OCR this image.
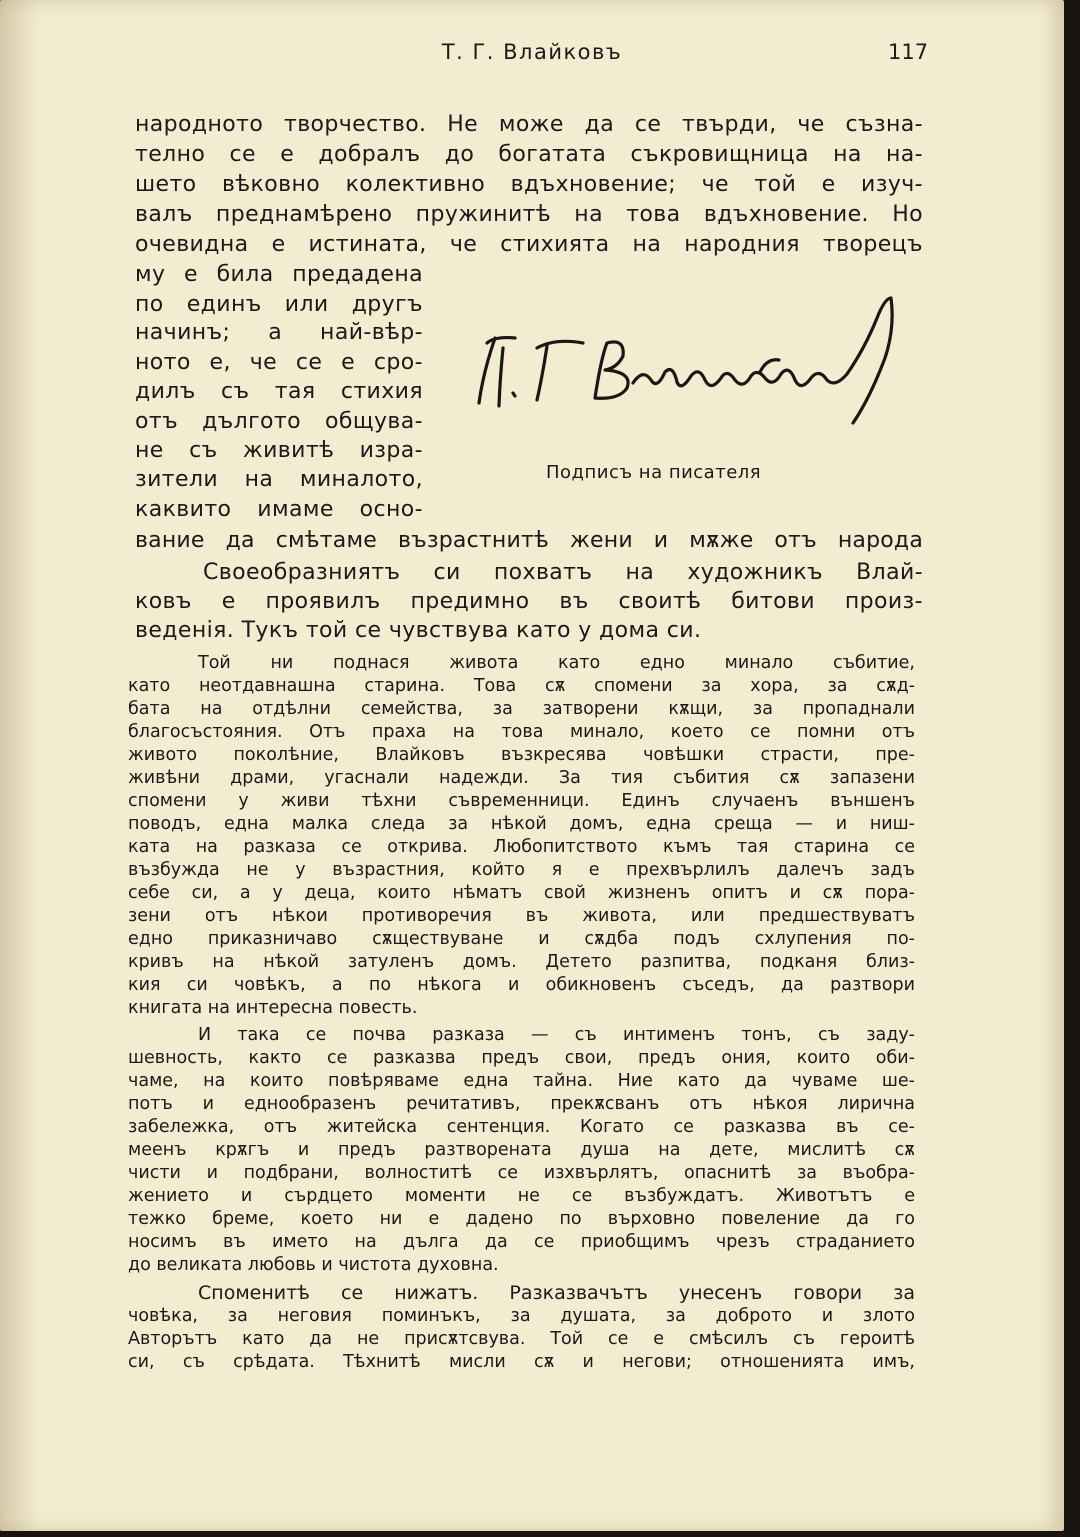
Т. Г. Влайковъ	117

народното творчество. Не може да се твърди, че съзна-

телно се е добралъ до богатата съкровищница на на-

шето вѣковно колективно вдъхновение; че той е изуч-

валъ преднамѣрено пружинитѣ на това вдъхновение. Но

очевидна е истината, че стихията на народния творецъ

му е била предадена

по единъ или другъ

начинъ; а най-вѣр-

ното е, че се е сро-

дилъ съ тая стихия

отъ дългото общува-

не съ живитѣ изра-

зители на миналото,

каквито имаме осно-

Подписъ на писателя

вание да смѣтаме възрастнитѣ жени и мѫже отъ народа

Своеобразниятъ си похватъ на художникъ Влай-

ковъ е проявилъ предимно въ своитѣ битови произ-

веденія. Тукъ той се чувствува като у дома си.

Той ни поднася живота като едно минало събитие,

като неотдавнашна старина. Това сѫ спомени за хора, за сѫд-

бата на отдѣлни семейства, за затворени кѫщи, за пропаднали

благосъстояния. Отъ праха на това минало, което се помни отъ

живото поколѣние, Влайковъ възкресява човѣшки страсти, пре-

живѣни драми, угаснали надежди. За тия събития сѫ запазени

спомени у живи тѣхни съвременници. Единъ случаенъ външенъ

поводъ, една малка следа за нѣкой домъ, една среща — и ниш-

ката на разказа се открива. Любопитството къмъ тая старина се

възбужда не у възрастния, който я е прехвърлилъ далечъ задъ

себе си, а у деца, които нѣматъ свой жизненъ опитъ и сѫ пора-

зени отъ нѣкои противоречия въ живота, или предшествуватъ

едно приказничаво сѫществуване и сѫдба подъ схлупения по-

кривъ на нѣкой затуленъ домъ. Детето разпитва, подканя близ-

кия си човѣкъ, а по нѣкога и обикновенъ съседъ, да разтвори

книгата на интересна повесть.

И така се почва разказа — съ интименъ тонъ, съ заду-

шевность, както се разказва предъ свои, предъ ония, които оби-

чаме, на които повѣряваме една тайна. Ние като да чуваме ше-

потъ и еднообразенъ речитативъ, прекѫсванъ отъ нѣкоя лирична

забележка, отъ житейска сентенция. Когато се разказва въ се-

меенъ крѫгъ и предъ разтворената душа на дете, мислитѣ сѫ

чисти и подбрани, волноститѣ се изхвърлятъ, опаснитѣ за въобра-

жението и сърдцето моменти не се възбуждатъ. Животътъ е

тежко бреме, което ни е дадено по върховно повеление да го

носимъ въ името на дълга да се приобщимъ чрезъ страданието

до великата любовь и чистота духовна.

Споменитѣ се нижатъ. Разказвачътъ унесенъ говори за

човѣка, за неговия поминъкъ, за душата, за доброто и злото

Авторътъ като да не присѫтсвува. Той се е смѣсилъ съ героитѣ

си, съ срѣдата. Тѣхнитѣ мисли сѫ и негови; отношенията имъ,
